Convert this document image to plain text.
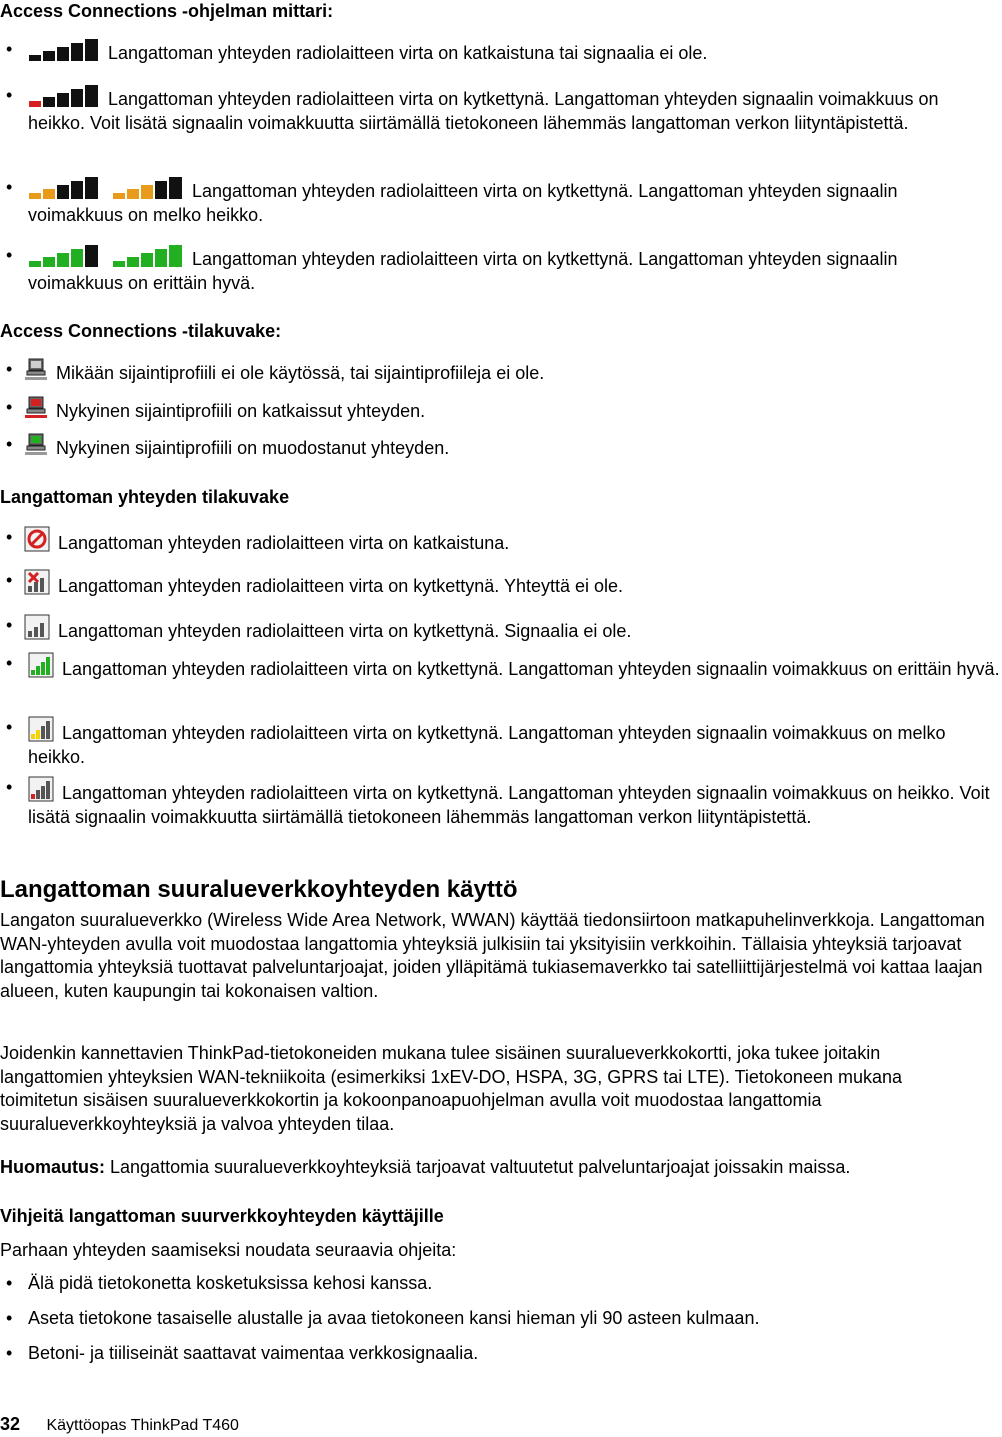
Access Connections -ohjelman mittari:
•	Langattoman yhteyden radiolaitteen virta on katkaistuna tai signaalia ei ole.
•	Langattoman yhteyden radiolaitteen virta on kytkettynä. Langattoman yhteyden signaalin voimakkuus on heikko. Voit lisätä signaalin voimakkuutta siirtämällä tietokoneen lähemmäs langattoman verkon liityntäpistettä.
•	Langattoman yhteyden radiolaitteen virta on kytkettynä. Langattoman yhteyden signaalin voimakkuus on melko heikko.
•	Langattoman yhteyden radiolaitteen virta on kytkettynä. Langattoman yhteyden signaalin voimakkuus on erittäin hyvä.
Access Connections -tilakuvake:
• Mikään sijaintiprofiili ei ole käytössä, tai sijaintiprofiileja ei ole.
• Nykyinen sijaintiprofiili on katkaissut yhteyden.
• Nykyinen sijaintiprofiili on muodostanut yhteyden.
Langattoman yhteyden tilakuvake
•	Langattoman yhteyden radiolaitteen virta on katkaistuna.
•	Langattoman yhteyden radiolaitteen virta on kytkettynä. Yhteyttä ei ole.
•	Langattoman yhteyden radiolaitteen virta on kytkettynä. Signaalia ei ole.
•	Langattoman yhteyden radiolaitteen virta on kytkettynä. Langattoman yhteyden signaalin voimakkuus on erittäin hyvä.
•	Langattoman yhteyden radiolaitteen virta on kytkettynä. Langattoman yhteyden signaalin voimakkuus on melko heikko.
•	Langattoman yhteyden radiolaitteen virta on kytkettynä. Langattoman yhteyden signaalin voimakkuus on heikko. Voit lisätä signaalin voimakkuutta siirtämällä tietokoneen lähemmäs langattoman verkon liityntäpistettä.
Langattoman suuralueverkkoyhteyden käyttö
Langaton suuralueverkko (Wireless Wide Area Network, WWAN) käyttää tiedonsiirtoon matkapuhelinverkkoja. Langattoman WAN-yhteyden avulla voit muodostaa langattomia yhteyksiä julkisiin tai yksityisiin verkkoihin. Tällaisia yhteyksiä tarjoavat langattomia yhteyksiä tuottavat palveluntarjoajat, joiden ylläpitämä tukiasemaverkko tai satelliittijärjestelmä voi kattaa laajan alueen, kuten kaupungin tai kokonaisen valtion.
Joidenkin kannettavien ThinkPad-tietokoneiden mukana tulee sisäinen suuralueverkkokortti, joka tukee joitakin langattomien yhteyksien WAN-tekniikoita (esimerkiksi 1xEV-DO, HSPA, 3G, GPRS tai LTE). Tietokoneen mukana toimitetun sisäisen suuralueverkkokortin ja kokoonpanoapuohjelman avulla voit muodostaa langattomia suuralueverkkoyhteyksiä ja valvoa yhteyden tilaa.
Huomautus: Langattomia suuralueverkkoyhteyksiä tarjoavat valtuutetut palveluntarjoajat joissakin maissa.
Vihjeitä langattoman suurverkkoyhteyden käyttäjille
Parhaan yhteyden saamiseksi noudata seuraavia ohjeita:
• Älä pidä tietokonetta kosketuksissa kehosi kanssa.
• Aseta tietokone tasaiselle alustalle ja avaa tietokoneen kansi hieman yli 90 asteen kulmaan.
• Betoni- ja tiiliseinät saattavat vaimentaa verkkosignaalia.
32 Käyttöopas ThinkPad T460
